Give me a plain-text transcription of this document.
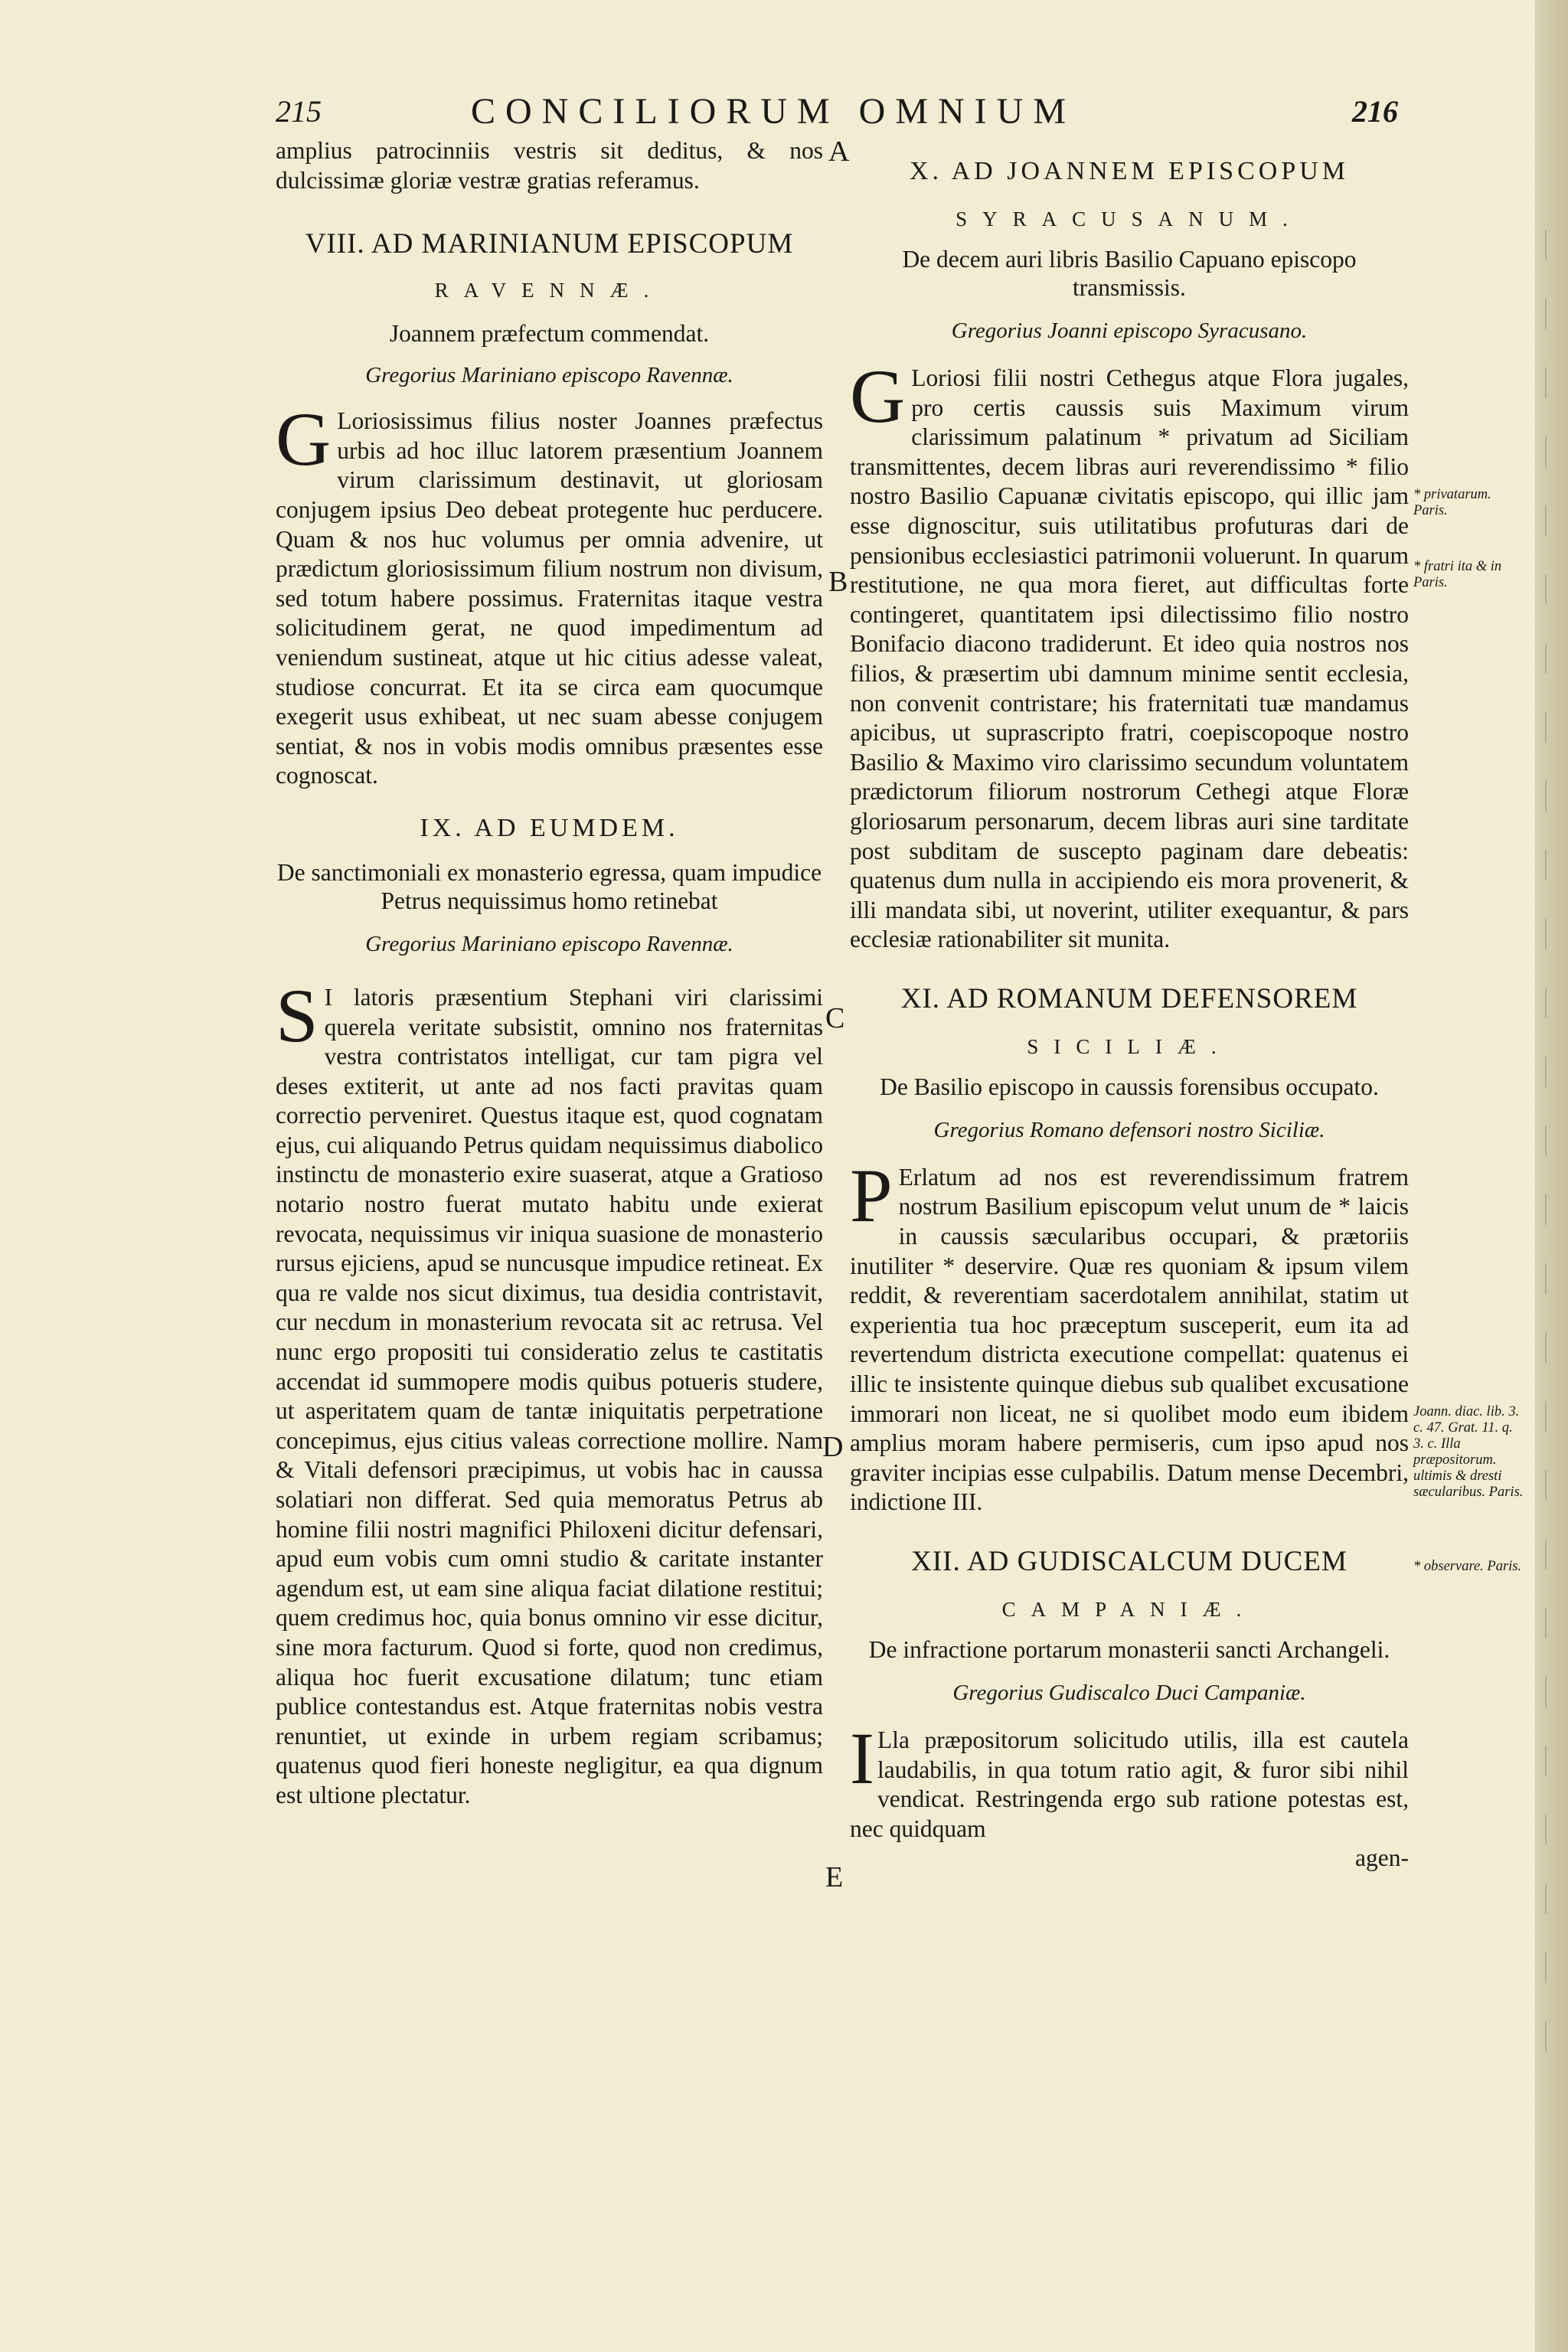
215	CONCILIORUM OMNIUM	216

amplius patrocinniis vestris sit deditus, & nos dulcissimæ gloriæ vestræ gratias referamus.

VIII. AD MARINIANUM EPISCOPUM
RAVENNÆ.
Joannem præfectum commendat.
Gregorius Mariniano episcopo Ravennæ.

G Loriosissimus filius noster Joannes præfectus urbis ad hoc illuc latorem præsentium Joannem virum clarissimum destinavit, ut gloriosam conjugem ipsius Deo debeat protegente huc perducere. Quam & nos huc volumus per omnia advenire, ut prædictum gloriosissimum filium nostrum non divisum, sed totum habere possimus. Fraternitas itaque vestra solicitudinem gerat, ne quod impedimentum ad veniendum sustineat, atque ut hic citius adesse valeat, studiose concurrat. Et ita se circa eam quocumque exegerit usus exhibeat, ut nec suam abesse conjugem sentiat, & nos in vobis modis omnibus præsentes esse cognoscat.

IX. AD EUMDEM.
De sanctimoniali ex monasterio egressa, quam impudice Petrus nequissimus homo retinebat
Gregorius Mariniano episcopo Ravennæ.

S I latoris præsentium Stephani viri clarissimi querela veritate subsistit, omnino nos fraternitas vestra contristatos intelligat, cur tam pigra vel deses extiterit, ut ante ad nos facti pravitas quam correctio perveniret. Questus itaque est, quod cognatam ejus, cui aliquando Petrus quidam nequissimus diabolico instinctu de monasterio exire suaserat, atque a Gratioso notario nostro fuerat mutato habitu unde exierat revocata, nequissimus vir iniqua suasione de monasterio rursus ejiciens, apud se nuncusque impudice retineat. Ex qua re valde nos sicut diximus, tua desidia contristavit, cur necdum in monasterium revocata sit ac retrusa. Vel nunc ergo propositi tui consideratio zelus te castitatis accendat id summopere modis quibus potueris studere, ut asperitatem quam de tantæ iniquitatis perpetratione concepimus, ejus citius valeas correctione mollire. Nam & Vitali defensori præcipimus, ut vobis hac in caussa solatiari non differat. Sed quia memoratus Petrus ab homine filii nostri magnifici Philoxeni dicitur defensari, apud eum vobis cum omni studio & caritate instanter agendum est, ut eam sine aliqua faciat dilatione restitui; quem credimus hoc, quia bonus omnino vir esse dicitur, sine mora facturum. Quod si forte, quod non credimus, aliqua hoc fuerit excusatione dilatum; tunc etiam publice contestandus est. Atque fraternitas nobis vestra renuntiet, ut exinde in urbem regiam scribamus; quatenus quod fieri honeste negligitur, ea qua dignum est ultione plectatur.

A
B
C
D
E
X. AD JOANNEM EPISCOPUM
SYRACUSANUM.
De decem auri libris Basilio Capuano episcopo transmissis.
Gregorius Joanni episcopo Syracusano.

G Loriosi filii nostri Cethegus atque Flora jugales, pro certis caussis suis Maximum virum clarissimum palatinum * privatum ad Siciliam transmittentes, decem libras auri reverendissimo * filio nostro Basilio Capuanæ civitatis episcopo, qui illic jam esse dignoscitur, suis utilitatibus profuturas dari de pensionibus ecclesiastici patrimonii voluerunt. In quarum restitutione, ne qua mora fieret, aut difficultas forte contingeret, quantitatem ipsi dilectissimo filio nostro Bonifacio diacono tradiderunt. Et ideo quia nostros nos filios, & præsertim ubi damnum minime sentit ecclesia, non convenit contristare; his fraternitati tuæ mandamus apicibus, ut suprascripto fratri, coepiscopoque nostro Basilio & Maximo viro clarissimo secundum voluntatem prædictorum filiorum nostrorum Cethegi atque Floræ gloriosarum personarum, decem libras auri sine tarditate post subditam de suscepto paginam dare debeatis: quatenus dum nulla in accipiendo eis mora provenerit, & illi mandata sibi, ut noverint, utiliter exequantur, & pars ecclesiæ rationabiliter sit munita.

XI. AD ROMANUM DEFENSOREM
SICILIÆ.
De Basilio episcopo in caussis forensibus occupato.
Gregorius Romano defensori nostro Siciliæ.

P Erlatum ad nos est reverendissimum fratrem nostrum Basilium episcopum velut unum de * laicis in caussis sæcularibus occupari, & prætoriis inutiliter * deservire. Quæ res quoniam & ipsum vilem reddit, & reverentiam sacerdotalem annihilat, statim ut experientia tua hoc præceptum susceperit, eum ita ad revertendum districta executione compellat: quatenus ei illic te insistente quinque diebus sub qualibet excusatione immorari non liceat, ne si quolibet modo eum ibidem amplius moram habere permiseris, cum ipso apud nos graviter incipias esse culpabilis. Datum mense Decembri, indictione III.

XII. AD GUDISCALCUM DUCEM
CAMPANIÆ.
De infractione portarum monasterii sancti Archangeli.
Gregorius Gudiscalco Duci Campaniæ.

I Lla præpositorum solicitudo utilis, illa est cautela laudabilis, in qua totum ratio agit, & furor sibi nihil vendicat. Restringenda ergo sub ratione potestas est, nec quidquam

agen-
* privatarum. Paris.
* fratri ita & in Paris.
Joann. diac. lib. 3. c. 47. Grat. 11. q. 3. c. Illa præpositorum. ultimis & dresti sæcularibus. Paris.
* observare. Paris.
